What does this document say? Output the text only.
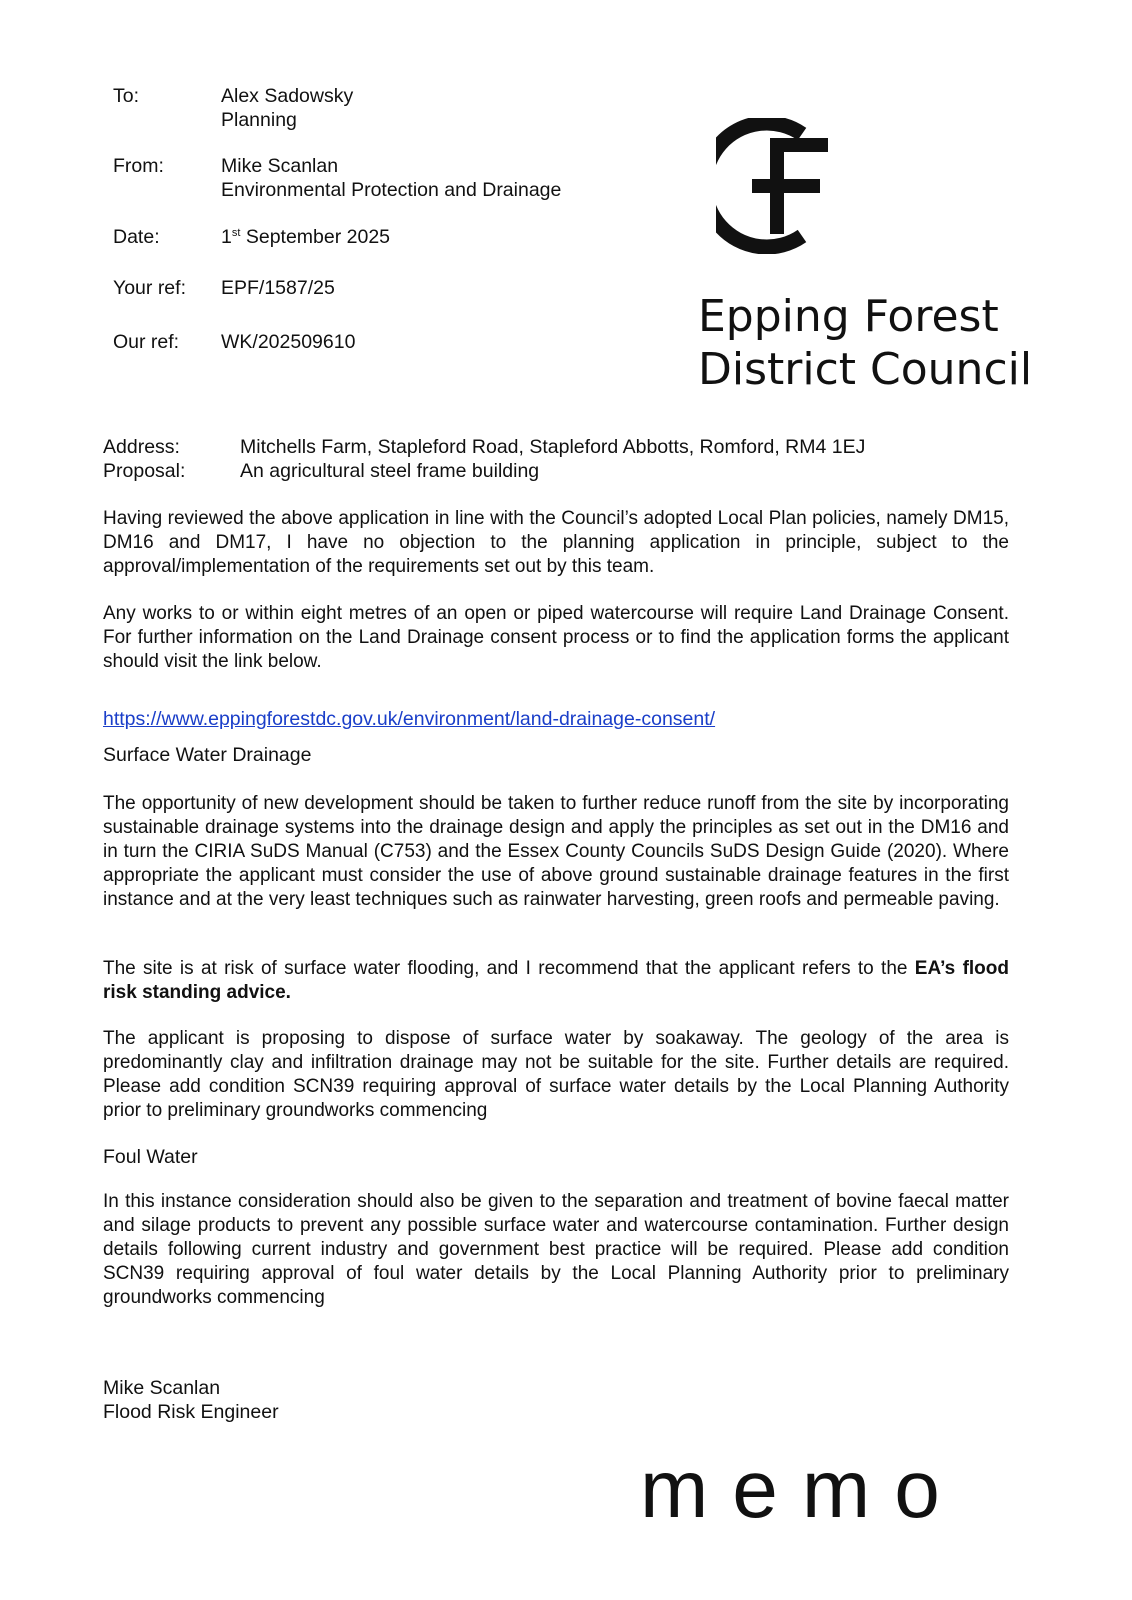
To:	Alex Sadowsky
Planning
From:	Mike Scanlan
Environmental Protection and Drainage
Date:	1st September 2025
Your ref: EPF/1587/25
Our ref: WK/202509610	Epping Forest
District Council
Address:	Mitchells Farm, Stapleford Road, Stapleford Abbotts, Romford, RM4 1EJ
Proposal:	An agricultural steel frame building

Having reviewed the above application in line with the Council’s adopted Local Plan policies, namely DM15, DM16 and DM17, I have no objection to the planning application in principle, subject to the approval/implementation of the requirements set out by this team.

Any works to or within eight metres of an open or piped watercourse will require Land Drainage Consent. For further information on the Land Drainage consent process or to find the application forms the applicant should visit the link below.

https://www.eppingforestdc.gov.uk/environment/land-drainage-consent/
Surface Water Drainage

The opportunity of new development should be taken to further reduce runoff from the site by incorporating sustainable drainage systems into the drainage design and apply the principles as set out in the DM16 and in turn the CIRIA SuDS Manual (C753) and the Essex County Councils SuDS Design Guide (2020). Where appropriate the applicant must consider the use of above ground sustainable drainage features in the first instance and at the very least techniques such as rainwater harvesting, green roofs and permeable paving.

The site is at risk of surface water flooding, and I recommend that the applicant refers to the EA’s flood risk standing advice.

The applicant is proposing to dispose of surface water by soakaway. The geology of the area is predominantly clay and infiltration drainage may not be suitable for the site. Further details are required. Please add condition SCN39 requiring approval of surface water details by the Local Planning Authority prior to preliminary groundworks commencing

Foul Water

In this instance consideration should also be given to the separation and treatment of bovine faecal matter and silage products to prevent any possible surface water and watercourse contamination. Further design details following current industry and government best practice will be required. Please add condition SCN39 requiring approval of foul water details by the Local Planning Authority prior to preliminary groundworks commencing

Mike Scanlan
Flood Risk Engineer
memo
